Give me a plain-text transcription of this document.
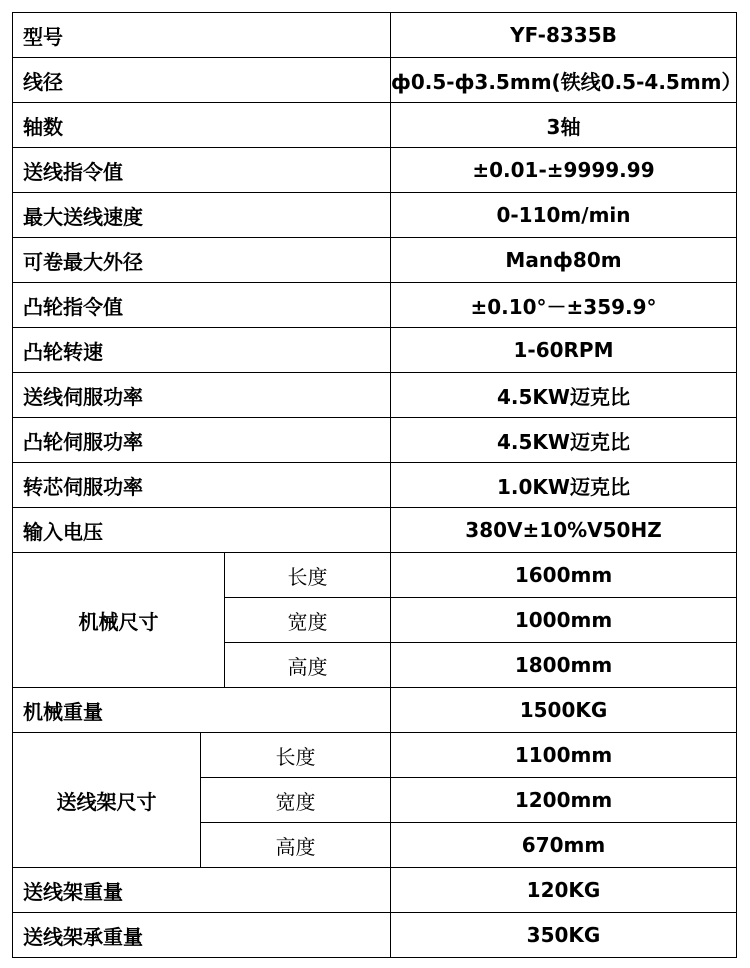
型号			YF-8335B
线径			ф0.5-ф3.5mm(铁线0.5-4.5mm）
轴数			3轴
送线指令值			±0.01-±9999.99
最大送线速度			0-110m/min
可卷最大外径			Manф80m
凸轮指令值			±0.10°－±359.9°
凸轮转速			1-60RPM
送线伺服功率			4.5KW迈克比
凸轮伺服功率			4.5KW迈克比
转芯伺服功率			1.0KW迈克比
输入电压			380V±10%V50HZ
机械尺寸		长度	1600mm
		宽度	1000mm
		高度	1800mm
机械重量			1500KG
送线架尺寸	长度		1100mm
	宽度		1200mm
	高度		670mm
送线架重量			120KG
送线架承重量			350KG
